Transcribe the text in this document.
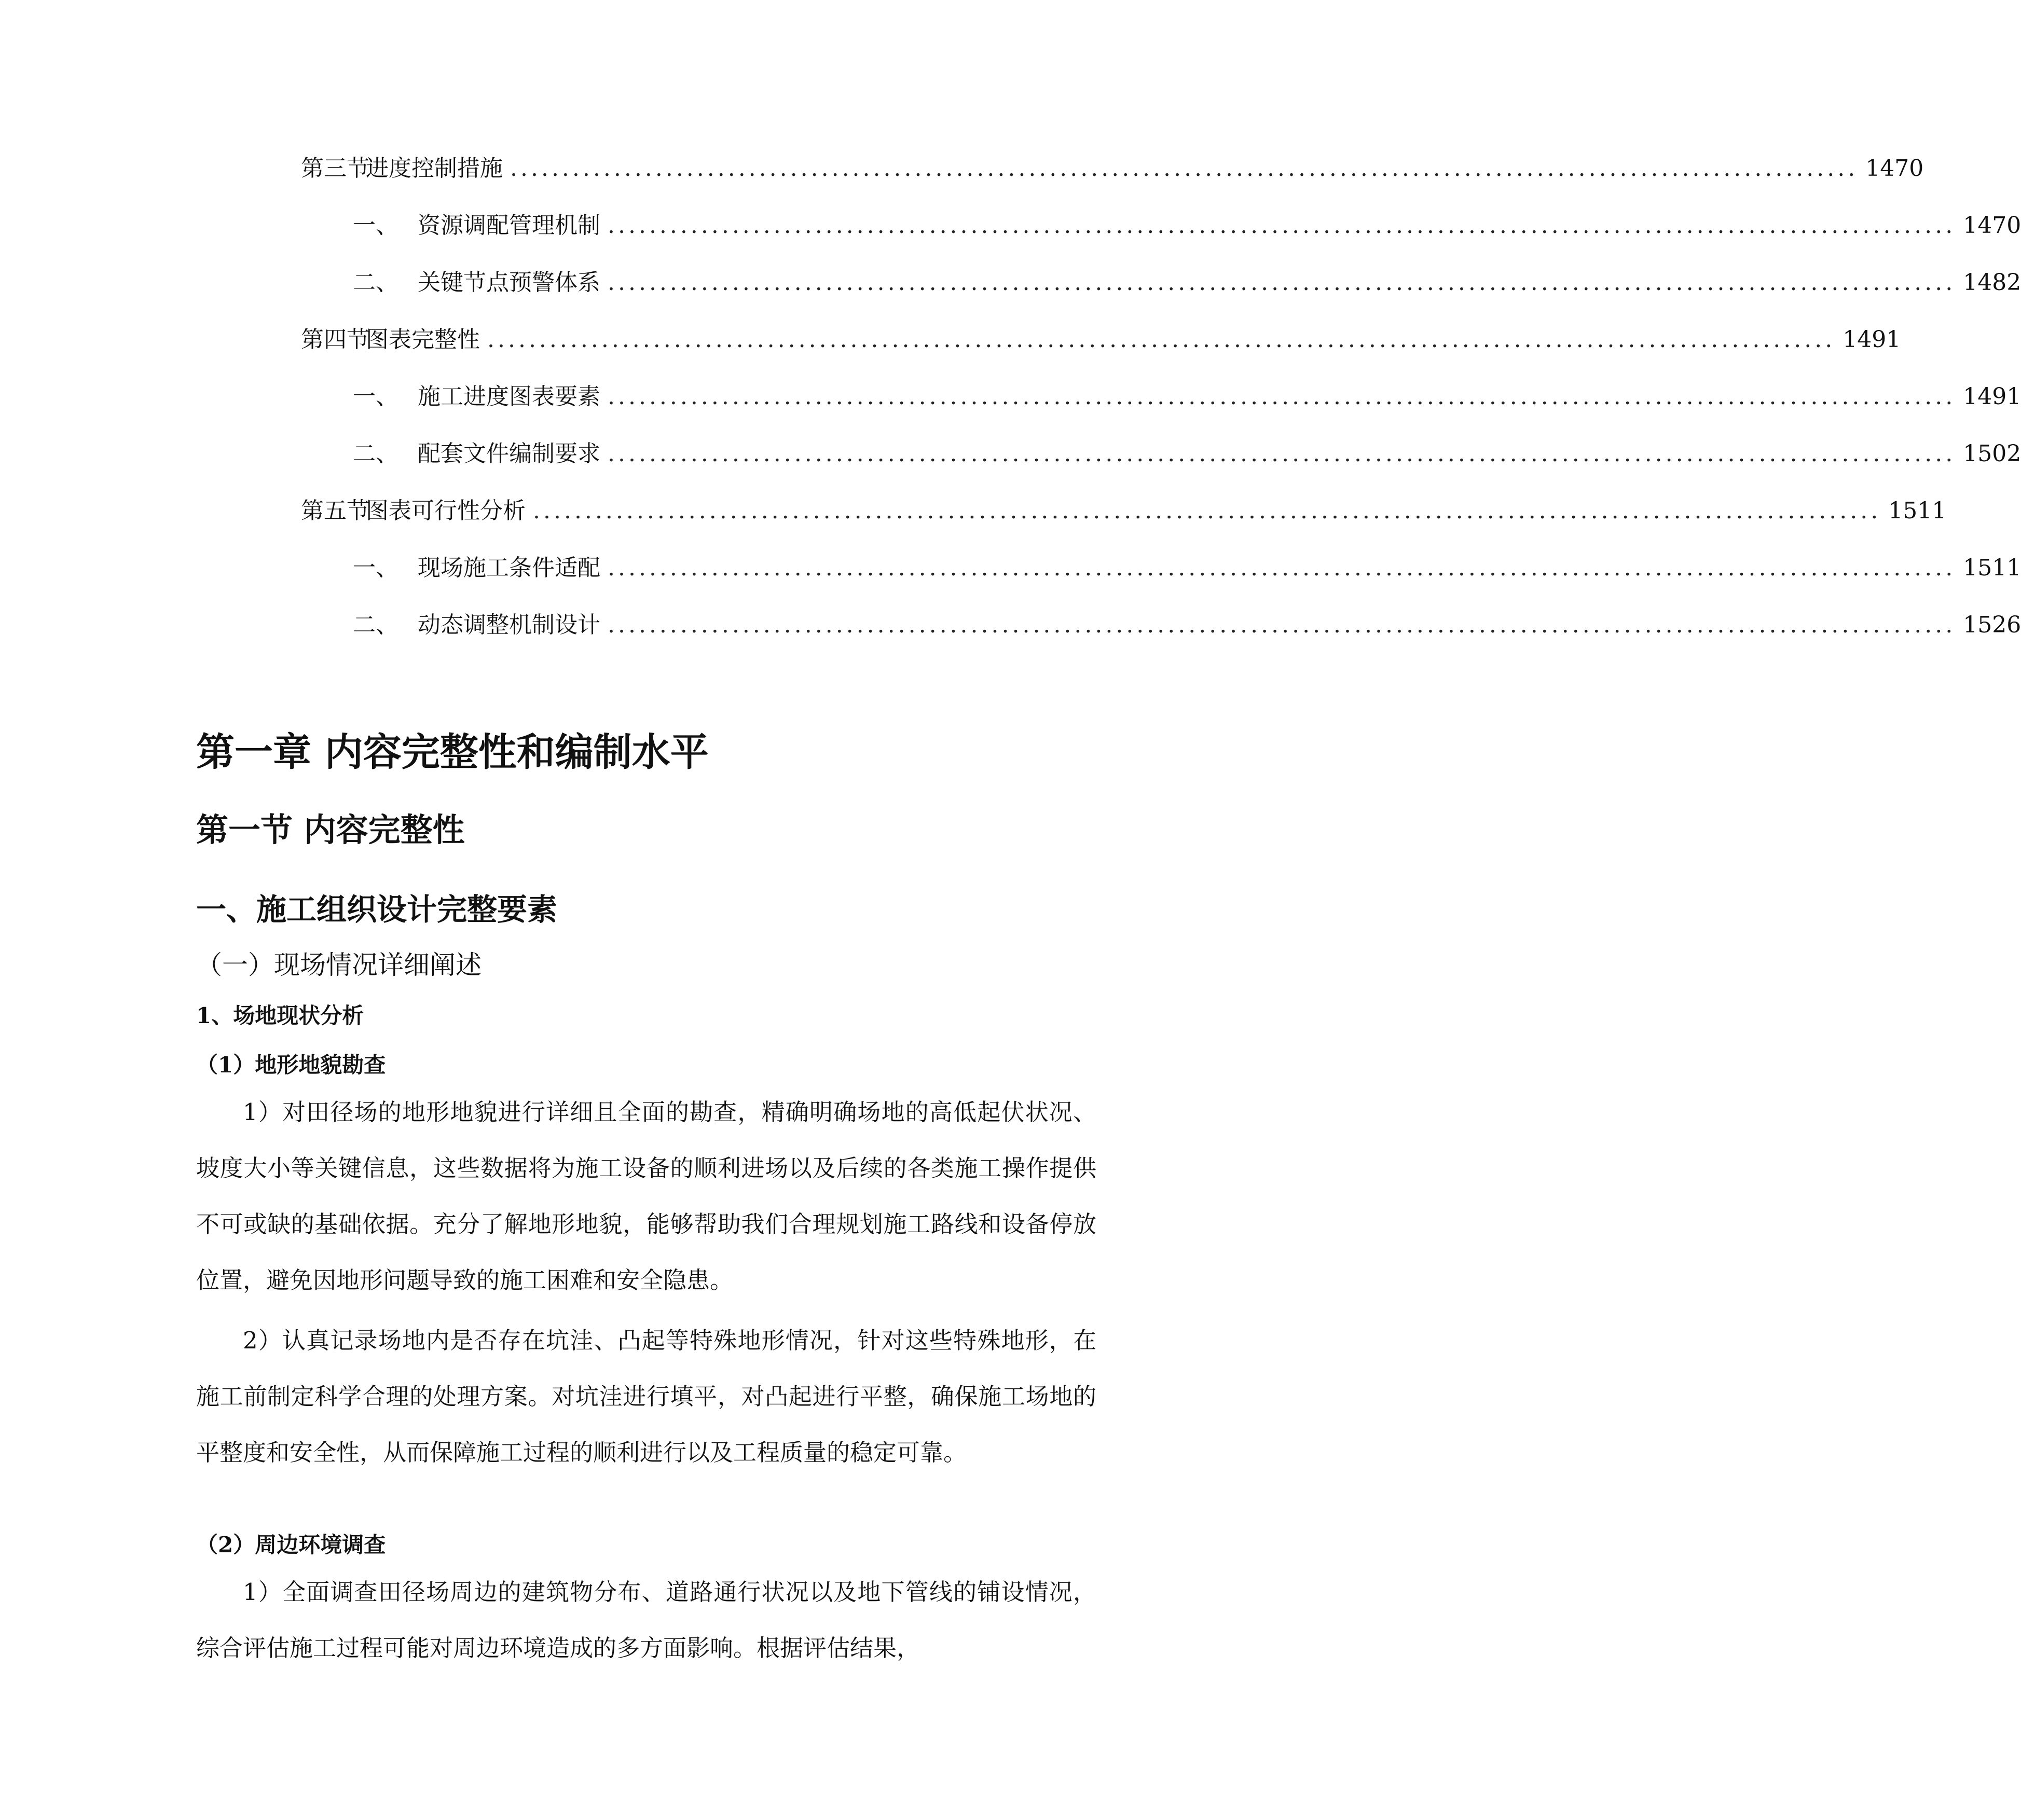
第三节
进度控制措施 .................................................................................................................................. 1470
一、 资源调配管理机制 .................................................................................................................................. 1470
二、 关键节点预警体系 .................................................................................................................................. 1482
第四节
图表完整性 .................................................................................................................................. 1491
一、 施工进度图表要素 .................................................................................................................................. 1491
二、 配套文件编制要求 .................................................................................................................................. 1502
第五节
图表可行性分析 .................................................................................................................................. 1511
一、 现场施工条件适配 .................................................................................................................................. 1511
二、 动态调整机制设计 .................................................................................................................................. 1526
第一章 内容完整性和编制水平
第一节 内容完整性
一、施工组织设计完整要素
（一）现场情况详细阐述
1、场地现状分析
（1）地形地貌勘查

1）对田径场的地形地貌进行详细且全面的勘查，精确明确场地的高低起伏状况、坡度大小等关键信息，这些数据将为施工设备的顺利进场以及后续的各类施工操作提供不可或缺的基础依据。充分了解地形地貌，能够帮助我们合理规划施工路线和设备停放位置，避免因地形问题导致的施工困难和安全隐患。

2）认真记录场地内是否存在坑洼、凸起等特殊地形情况，针对这些特殊地形，在施工前制定科学合理的处理方案。对坑洼进行填平，对凸起进行平整，确保施工场地的平整度和安全性，从而保障施工过程的顺利进行以及工程质量的稳定可靠。

（2）周边环境调查

1）全面调查田径场周边的建筑物分布、道路通行状况以及地下管线的铺设情况，综合评估施工过程可能对周边环境造成的多方面影响。根据评估结果，
